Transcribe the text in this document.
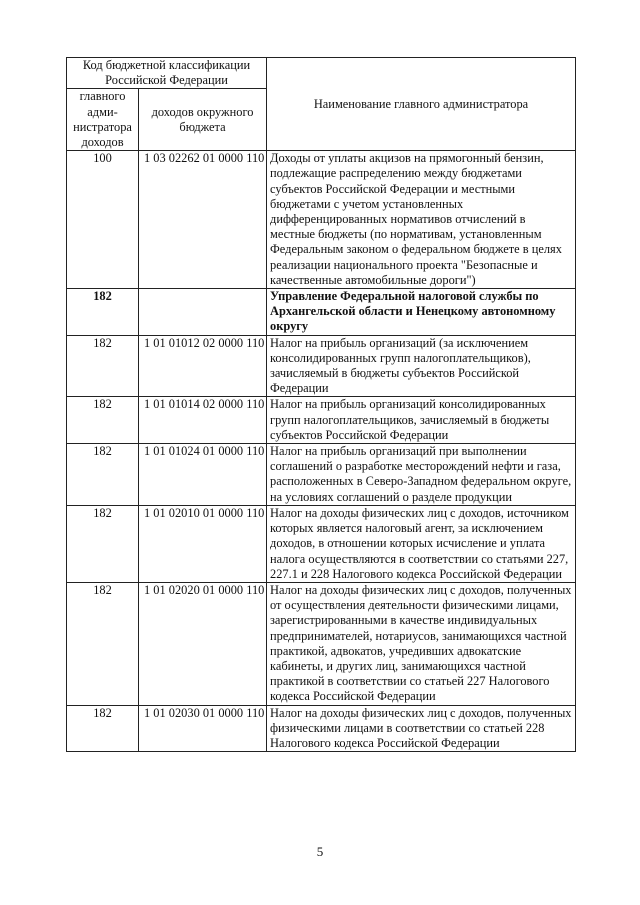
Код бюджетной классификации Российской Федерации		Наименование главного администратора
главного адми-нистратора доходов	доходов окружного бюджета	
100	1 03 02262 01 0000 110	Доходы от уплаты акцизов на прямогонный бензин, подлежащие распределению между бюджетами субъектов Российской Федерации и местными бюджетами с учетом установленных дифференцированных нормативов отчислений в местные бюджеты (по нормативам, установленным Федеральным законом о федеральном бюджете в целях реализации национального проекта "Безопасные и качественные автомобильные дороги")
182		Управление Федеральной налоговой службы по Архангельской области и Ненецкому автономному округу
182	1 01 01012 02 0000 110	Налог на прибыль организаций (за исключением консолидированных групп налогоплательщиков), зачисляемый в бюджеты субъектов Российской Федерации
182	1 01 01014 02 0000 110	Налог на прибыль организаций консолидированных групп налогоплательщиков, зачисляемый в бюджеты субъектов Российской Федерации
182	1 01 01024 01 0000 110	Налог на прибыль организаций при выполнении соглашений о разработке месторождений нефти и газа, расположенных в Северо-Западном федеральном округе, на условиях соглашений о разделе продукции
182	1 01 02010 01 0000 110	Налог на доходы физических лиц с доходов, источником которых является налоговый агент, за исключением доходов, в отношении которых исчисление и уплата налога осуществляются в соответствии со статьями 227, 227.1 и 228 Налогового кодекса Российской Федерации
182	1 01 02020 01 0000 110	Налог на доходы физических лиц с доходов, полученных от осуществления деятельности физическими лицами, зарегистрированными в качестве индивидуальных предпринимателей, нотариусов, занимающихся частной практикой, адвокатов, учредивших адвокатские кабинеты, и других лиц, занимающихся частной практикой в соответствии со статьей 227 Налогового кодекса Российской Федерации
182	1 01 02030 01 0000 110	Налог на доходы физических лиц с доходов, полученных физическими лицами в соответствии со статьей 228 Налогового кодекса Российской Федерации
5
